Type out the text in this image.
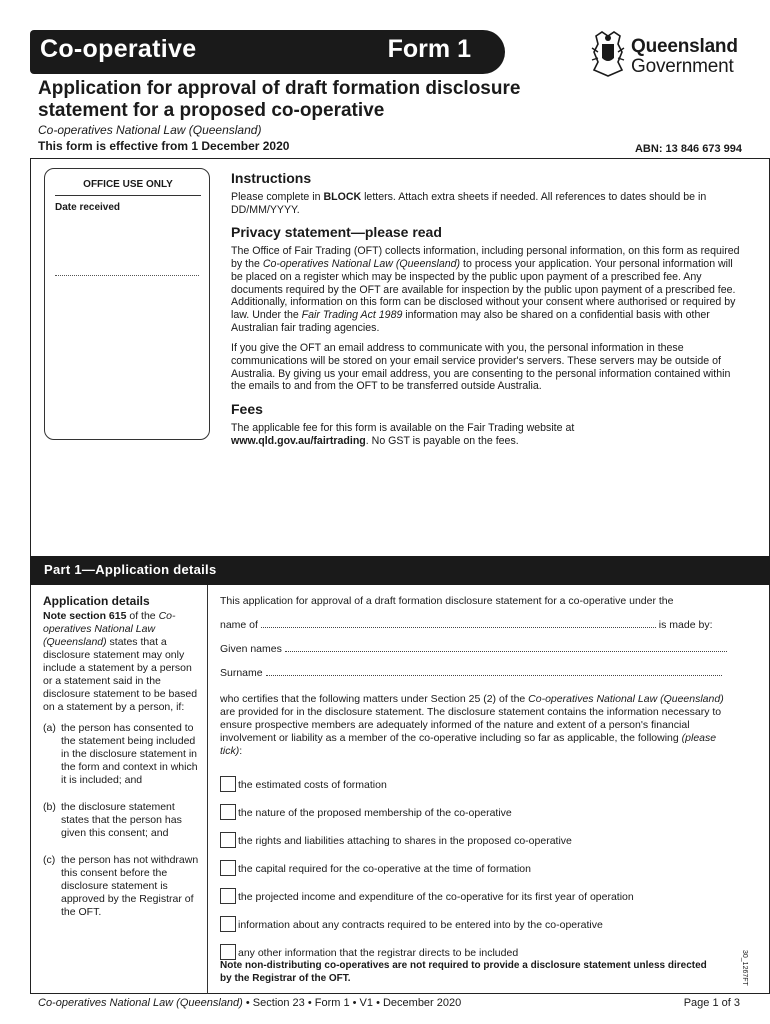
Co-operative	Form 1	Queensland
Government
Application for approval of draft formation disclosure statement for a proposed co-operative
Co-operatives National Law (Queensland)
This form is effective from 1 December 2020	ABN: 13 846 673 994
OFFICE USE ONLY
Date received
Instructions

Please complete in BLOCK letters. Attach extra sheets if needed. All references to dates should be in DD/MM/YYYY.

Privacy statement—please read

The Office of Fair Trading (OFT) collects information, including personal information, on this form as required by the Co-operatives National Law (Queensland) to process your application. Your personal information will be placed on a register which may be inspected by the public upon payment of a prescribed fee. Any documents required by the OFT are available for inspection by the public upon payment of a prescribed fee. Additionally, information on this form can be disclosed without your consent where authorised or required by law. Under the Fair Trading Act 1989 information may also be shared on a confidential basis with other Australian fair trading agencies.

If you give the OFT an email address to communicate with you, the personal information in these communications will be stored on your email service provider's servers. These servers may be outside of Australia. By giving us your email address, you are consenting to the personal information contained within the emails to and from the OFT to be transferred outside Australia.

Fees

The applicable fee for this form is available on the Fair Trading website at
www.qld.gov.au/fairtrading. No GST is payable on the fees.

Part 1—Application details
Application details
Note section 615 of the Co-operatives National Law (Queensland) states that a disclosure statement may only include a statement by a person or a statement said in the disclosure statement to be based on a statement by a person, if:
(a) the person has consented to the statement being included in the disclosure statement in the form and context in which it is included; and
(b) the disclosure statement states that the person has given this consent; and
(c) the person has not withdrawn this consent before the disclosure statement is approved by the Registrar of the OFT.
This application for approval of a draft formation disclosure statement for a co-operative under the
name of	is made by:
Given names
Surname
who certifies that the following matters under Section 25 (2) of the Co-operatives National Law (Queensland) are provided for in the disclosure statement. The disclosure statement contains the information necessary to ensure prospective members are adequately informed of the nature and extent of a person's financial involvement or liability as a member of the co-operative including so far as applicable, the following (please tick):
the estimated costs of formation
the nature of the proposed membership of the co-operative
the rights and liabilities attaching to shares in the proposed co-operative
the capital required for the co-operative at the time of formation
the projected income and expenditure of the co-operative for its first year of operation
information about any contracts required to be entered into by the co-operative
any other information that the registrar directs to be included
Note non-distributing co-operatives are not required to provide a disclosure statement unless directed by the Registrar of the OFT.	30_1267FT
Co-operatives National Law (Queensland) • Section 23 • Form 1 • V1 • December 2020	Page 1 of 3
